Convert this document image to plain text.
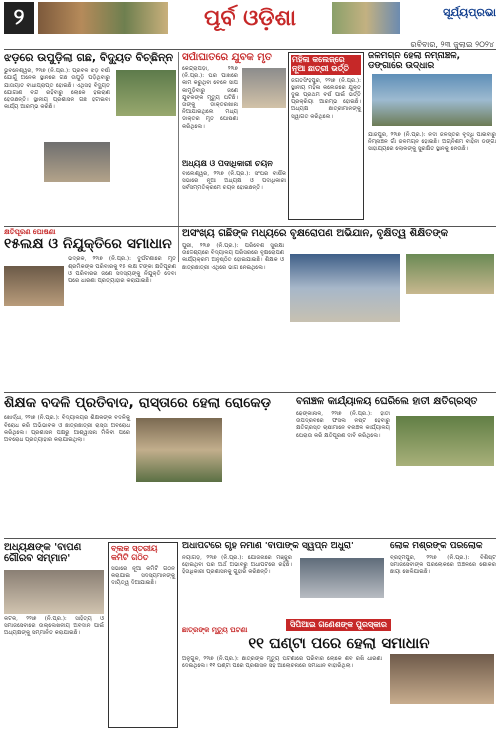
୨	ପୂର୍ବ ଓଡ଼ିଶା	ସୂର୍ଯ୍ୟପ୍ରଭା
ରବିବାର, ୨୩ ଜୁଲାଇ ୨୦୨୪
ଝଡ଼ରେ ଉପୁଡ଼ିଲା ଗଛ, ବିଦ୍ୟୁତ ବିଚ୍ଛିନ୍ନ
ଭୁବନେଶ୍ୱର, ୨୨ା୭ (ନି.ପ୍ର.): ପ୍ରବଳ ଝଡ଼ ବର୍ଷା ଯୋଗୁଁ ଅନେକ ସ୍ଥାନରେ ଗଛ ଉପୁଡ଼ି ପଡ଼ିଥିବାରୁ ଯାତାୟାତ ବାଧାପ୍ରାପ୍ତ ହୋଇଛି। ଏଥିସହ ବିଦ୍ୟୁତ ଯୋଗାଣ ବନ୍ଦ ରହିବାରୁ ଲୋକେ ହଇରାଣ ହେଉଛନ୍ତି। ସ୍ଥାନୀୟ ପ୍ରଶାସନ ଗଛ ହଟାଇବା କାର୍ଯ୍ୟ ଆରମ୍ଭ କରିଛି।
ସର୍ପାଘାତରେ ଯୁବକ ମୃତ
କେନ୍ଦ୍ରାପଡ଼ା, ୨୨ା୭ (ନି.ପ୍ର.): ଘର ପାଖରେ କାମ କରୁଥିବା ବେଳେ ସାପ କାମୁଡ଼ିବାରୁ ଜଣେ ଯୁବକଙ୍କ ମୃତ୍ୟୁ ଘଟିଛି। ତାଙ୍କୁ ଡାକ୍ତରଖାନା ନିଆଯାଇଥିଲେ ମଧ୍ୟ ଡାକ୍ତର ମୃତ ଘୋଷଣା କରିଥିଲେ।
ମହିଳା କଲେଜ୍‌ରେ ନୂଆ ଛାତ୍ରୀ ଭର୍ତ୍ତି
ଜଗତସିଂହପୁର, ୨୨ା୭ (ନି.ପ୍ର.): ସ୍ଥାନୀୟ ମହିଳା କଲେଜରେ ଯୁକ୍ତ ଦୁଇ ପ୍ରଥମ ବର୍ଷ ପାଇଁ ଭର୍ତ୍ତି ପ୍ରକ୍ରିୟା ଆରମ୍ଭ ହୋଇଛି। ଅଧ୍ୟକ୍ଷ ଛାତ୍ରୀମାନଙ୍କୁ ସ୍ୱାଗତ କରିଥିଲେ।
ଜଳମଗ୍ନ ହେଲା ନିମ୍ନାଞ୍ଚଳ, ଡଙ୍ଗାରେ ଉଦ୍ଧାର
ଯାଜପୁର, ୨୨ା୭ (ନି.ପ୍ର.): ନଦୀ ଜଳସ୍ତର ବୃଦ୍ଧି ପାଇବାରୁ ନିମ୍ନାଞ୍ଚଳ ଗାଁ ଜଳମଗ୍ନ ହୋଇଛି। ଅଗ୍ନିଶମ ବାହିନୀ ଡଙ୍ଗା ସାହାଯ୍ୟରେ ଲୋକଙ୍କୁ ସୁରକ୍ଷିତ ସ୍ଥାନକୁ ନେଉଛି।
ଅଧ୍ୟକ୍ଷ ଓ ପଦାଧିକାରୀ ଚୟନ
ବାଲେଶ୍ୱର, ୨୨ା୭ (ନି.ପ୍ର.): ସଂଘର ବାର୍ଷିକ ସଭାରେ ନୂଆ ଅଧ୍ୟକ୍ଷ ଓ ପଦାଧିକାରୀ ସର୍ବସମ୍ମତିକ୍ରମେ ଚୟନ ହୋଇଛନ୍ତି।
କ୍ଷତିପୂରଣ ଘୋଷଣା
୧୫ଲକ୍ଷ ଓ ନିଯୁକ୍ତିରେ ସମାଧାନ
ଭଦ୍ରକ, ୨୨ା୭ (ନି.ପ୍ର.): ଦୁର୍ଘଟଣାରେ ମୃତ ଶ୍ରମିକଙ୍କ ପରିବାରକୁ ୧୫ ଲକ୍ଷ ଟଙ୍କା କ୍ଷତିପୂରଣ ଓ ପରିବାରର ଜଣେ ସଦସ୍ୟଙ୍କୁ ନିଯୁକ୍ତି ଦେବା ପରେ ଧାରଣା ପ୍ରତ୍ୟାହାର କରାଯାଇଛି।
ଅସଂଖ୍ୟ ଗଛିଙ୍କ ମଧ୍ୟରେ ବୃକ୍ଷରୋପଣ ଅଭିଯାନ, ବୃକ୍ଷିତ୍ୱ ଶିକ୍ଷିତଙ୍କ
ପୁରୀ, ୨୨ା୭ (ନି.ପ୍ର.): ପରିବେଶ ସୁରକ୍ଷା ଉଦ୍ଦେଶ୍ୟରେ ବିଦ୍ୟାଳୟ ପରିସରରେ ବୃକ୍ଷରୋପଣ କାର୍ଯ୍ୟକ୍ରମ ଅନୁଷ୍ଠିତ ହୋଇଯାଇଛି। ଶିକ୍ଷକ ଓ ଛାତ୍ରଛାତ୍ରୀ ଏଥିରେ ଭାଗ ନେଇଥିଲେ।
ଶିକ୍ଷକ ବଦଳି ପ୍ରତିବାଦ, ରାସ୍ତାରେ ହେଲା ରୋକେଡ଼
ଖୋର୍ଦ୍ଧା, ୨୨ା୭ (ନି.ପ୍ର.): ବିଦ୍ୟାଳୟର ଶିକ୍ଷକଙ୍କ ବଦଳିକୁ ବିରୋଧ କରି ଅଭିଭାବକ ଓ ଛାତ୍ରଛାତ୍ରୀ ରାସ୍ତା ଅବରୋଧ କରିଥିଲେ। ପ୍ରଶାସନ ପକ୍ଷରୁ ଆଶ୍ୱାସନା ମିଳିବା ପରେ ଅବରୋଧ ପ୍ରତ୍ୟାହାର କରାଯାଇଥିଲା।
ବନାଞ୍ଚଳ କାର୍ଯ୍ୟାଳୟ ଘେରିଲେ ହାତୀ କ୍ଷତିଗ୍ରସ୍ତ
ଢେଙ୍କାନାଳ, ୨୨ା୭ (ନି.ପ୍ର.): ହାତୀ ଉପଦ୍ରବରେ ଫସଲ ନଷ୍ଟ ହେବାରୁ କ୍ଷତିଗ୍ରସ୍ତ ଚାଷୀମାନେ ବନାଞ୍ଚଳ କାର୍ଯ୍ୟାଳୟ ଘେରାଉ କରି କ୍ଷତିପୂରଣ ଦାବି କରିଥିଲେ।
ଅଧ୍ୟକ୍ଷଙ୍କ 'ବାପଣ ଗୌରବ ସମ୍ମାନ'
କଟକ, ୨୨ା୭ (ନି.ପ୍ର.): ସାହିତ୍ୟ ଓ ସମାଜସେବାରେ ଉଲ୍ଲେଖନୀୟ ଅବଦାନ ପାଇଁ ଅଧ୍ୟକ୍ଷଙ୍କୁ ସମ୍ମାନିତ କରାଯାଇଛି।
ବ୍ଲକ ସ୍ତରୀୟ କମିଟି ଗଠିତ
ସଭାରେ ନୂଆ କମିଟି ଗଠନ କରାଯାଇ ସଦସ୍ୟମାନଙ୍କୁ ଦାୟିତ୍ୱ ଦିଆଯାଇଛି।
ଅଧାପଟରେ ଗୃହ ନିର୍ମାଣ 'ବାପାଙ୍କ ସ୍ୱପ୍ନ ଅଧୁରା'
ନୟାଗଡ଼, ୨୨ା୭ (ନି.ପ୍ର.): ଯୋଜନାରେ ମଞ୍ଜୁର ହୋଇଥିବା ଘର ଅର୍ଥ ଅଭାବରୁ ଅଧାପଟରେ ରହିଛି। ହିତାଧିକାରୀ ପ୍ରଶାସନକୁ ଗୁହାରି କରିଛନ୍ତି।
ଲୋକ ମିଶ୍ରଙ୍କ ପରଲୋକ
ବ୍ରହ୍ମପୁର, ୨୨ା୭ (ନି.ପ୍ର.): ବିଶିଷ୍ଟ ସମାଜସେବୀଙ୍କ ପରଲୋକରେ ଅଞ୍ଚଳରେ ଶୋକର ଛାୟା ଖେଳିଯାଇଛି।
ସିପିଆଇ ଗଣେଶଙ୍କ ପୁରସ୍କାର
ଛାତ୍ରଙ୍କ ମୃତ୍ୟୁ ଘଟଣା
୧୧ ଘଣ୍ଟା ପରେ ହେଲା ସମାଧାନ
ଅନୁଗୁଳ, ୨୨ା୭ (ନି.ପ୍ର.): ଛାତ୍ରଙ୍କ ମୃତ୍ୟୁ ଘଟଣାରେ ପରିବାର ଲୋକେ ଶବ ରଖି ଧାରଣା ଦେଇଥିଲେ। ୧୧ ଘଣ୍ଟା ପରେ ପ୍ରଶାସନ ସହ ଆଲୋଚନାରେ ସମାଧାନ ବାହାରିଥିଲା।
